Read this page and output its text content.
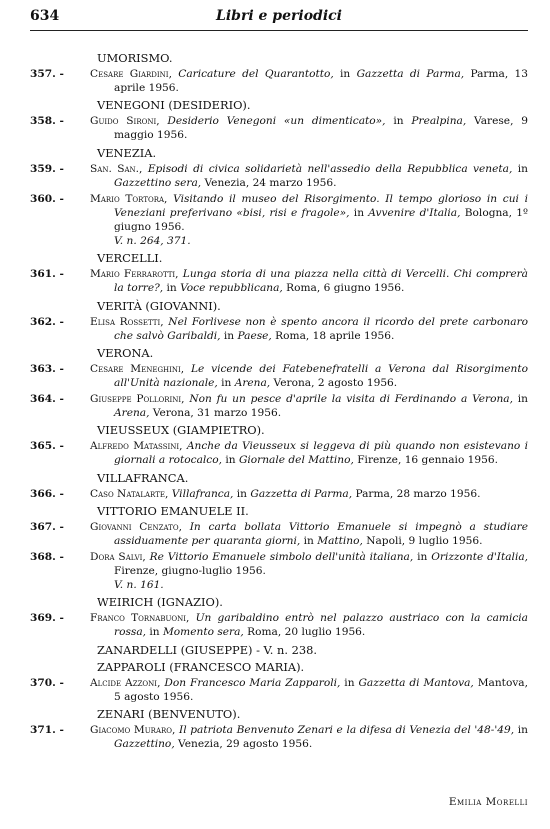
634	Libri e periodici
UMORISMO.
357. -	Cesare Giardini, Caricature del Quarantotto, in Gazzetta di Parma, Parma, 13 aprile 1956.
VENEGONI (DESIDERIO).
358. -	Guido Sironi, Desiderio Venegoni «un dimenticato», in Prealpina, Varese, 9 maggio 1956.
VENEZIA.
359. -	San. San., Episodi di civica solidarietà nell'assedio della Repubblica veneta, in Gazzettino sera, Venezia, 24 marzo 1956.
360. -	Mario Tortora, Visitando il museo del Risorgimento. Il tempo glorioso in cui i Veneziani preferivano «bisi, risi e fragole», in Avvenire d'Italia, Bologna, 1º giugno 1956.
V. n. 264, 371.
VERCELLI.
361. -	Mario Ferrarotti, Lunga storia di una piazza nella città di Vercelli. Chi comprerà la torre?, in Voce repubblicana, Roma, 6 giugno 1956.
VERITÀ (GIOVANNI).
362. -	Elisa Rossetti, Nel Forlivese non è spento ancora il ricordo del prete carbonaro che salvò Garibaldi, in Paese, Roma, 18 aprile 1956.
VERONA.
363. -	Cesare Meneghini, Le vicende dei Fatebenefratelli a Verona dal Risorgimento all'Unità nazionale, in Arena, Verona, 2 agosto 1956.
364. -	Giuseppe Pollorini, Non fu un pesce d'aprile la visita di Ferdinando a Verona, in Arena, Verona, 31 marzo 1956.
VIEUSSEUX (GIAMPIETRO).
365. -	Alfredo Matassini, Anche da Vieusseux si leggeva di più quando non esistevano i giornali a rotocalco, in Giornale del Mattino, Firenze, 16 gennaio 1956.
VILLAFRANCA.
366. -	Caso Natalarte, Villafranca, in Gazzetta di Parma, Parma, 28 marzo 1956.
VITTORIO EMANUELE II.
367. -	Giovanni Cenzato, In carta bollata Vittorio Emanuele si impegnò a studiare assiduamente per quaranta giorni, in Mattino, Napoli, 9 luglio 1956.
368. -	Dora Salvi, Re Vittorio Emanuele simbolo dell'unità italiana, in Orizzonte d'Italia, Firenze, giugno-luglio 1956.
V. n. 161.
WEIRICH (IGNAZIO).
369. -	Franco Tornabuoni, Un garibaldino entrò nel palazzo austriaco con la camicia rossa, in Momento sera, Roma, 20 luglio 1956.
ZANARDELLI (GIUSEPPE) - V. n. 238.
ZAPPAROLI (FRANCESCO MARIA).
370. -	Alcide Azzoni, Don Francesco Maria Zapparoli, in Gazzetta di Mantova, Mantova, 5 agosto 1956.
ZENARI (BENVENUTO).
371. -	Giacomo Muraro, Il patriota Benvenuto Zenari e la difesa di Venezia del '48-'49, in Gazzettino, Venezia, 29 agosto 1956.
Emilia Morelli
